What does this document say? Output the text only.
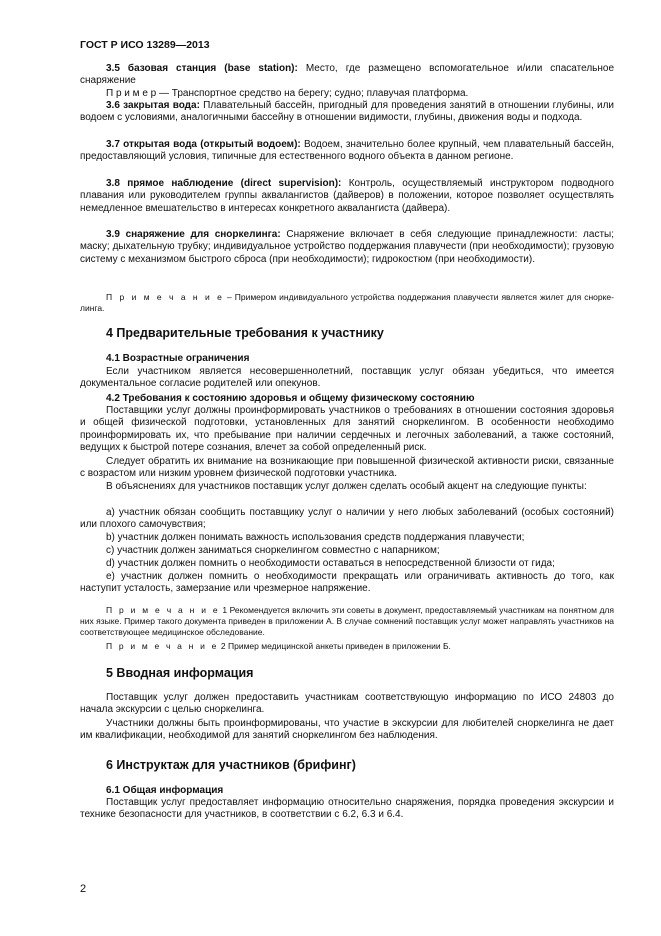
ГОСТ Р ИСО 13289—2013

3.5 базовая станция (base station): Место, где размещено вспомогательное и/или спасательное снаряжение

П р и м е р — Транспортное средство на берегу; судно; плавучая платформа.

3.6 закрытая вода: Плавательный бассейн, пригодный для проведения занятий в отношении глубины, или водоем с условиями, аналогичными бассейну в отношении видимости, глубины, движения воды и подхода.

3.7 открытая вода (открытый водоем): Водоем, значительно более крупный, чем плавательный бассейн, предоставляющий условия, типичные для естественного водного объекта в данном регионе.

3.8 прямое наблюдение (direct supervision): Контроль, осуществляемый инструктором подводного плавания или руководителем группы аквалангистов (дайверов) в положении, которое позволяет осуществлять немедленное вмешательство в интересах конкретного аквалангиста (дайвера).

3.9 снаряжение для сноркелинга: Снаряжение включает в себя следующие принадлежности: ласты; маску; дыхательную трубку; индивидуальное устройство поддержания плавучести (при необходимости); грузовую систему с механизмом быстрого сброса (при необходимости); гидрокостюм (при необходимости).

П р и м е ч а н и е – Примером индивидуального устройства поддержания плавучести является жилет для сноркелинга.

4 Предварительные требования к участнику
4.1 Возрастные ограничения

Если участником является несовершеннолетний, поставщик услуг обязан убедиться, что имеется документальное согласие родителей или опекунов.

4.2 Требования к состоянию здоровья и общему физическому состоянию

Поставщики услуг должны проинформировать участников о требованиях в отношении состояния здоровья и общей физической подготовки, установленных для занятий сноркелингом. В особенности необходимо проинформировать их, что пребывание при наличии сердечных и легочных заболеваний, а также состояний, ведущих к быстрой потере сознания, влечет за собой определенный риск.

Следует обратить их внимание на возникающие при повышенной физической активности риски, связанные с возрастом или низким уровнем физической подготовки участника.

В объяснениях для участников поставщик услуг должен сделать особый акцент на следующие пункты:

a) участник обязан сообщить поставщику услуг о наличии у него любых заболеваний (особых состояний) или плохого самочувствия;

b) участник должен понимать важность использования средств поддержания плавучести;

c) участник должен заниматься сноркелингом совместно с напарником;

d) участник должен помнить о необходимости оставаться в непосредственной близости от гида;

e) участник должен помнить о необходимости прекращать или ограничивать активность до того, как наступит усталость, замерзание или чрезмерное напряжение.

П р и м е ч а н и е 1 Рекомендуется включить эти советы в документ, предоставляемый участникам на понятном для них языке. Пример такого документа приведен в приложении А. В случае сомнений поставщик услуг может направлять участников на соответствующее медицинское обследование.

П р и м е ч а н и е 2 Пример медицинской анкеты приведен в приложении Б.

5 Вводная информация

Поставщик услуг должен предоставить участникам соответствующую информацию по ИСО 24803 до начала экскурсии с целью сноркелинга.

Участники должны быть проинформированы, что участие в экскурсии для любителей сноркелинга не дает им квалификации, необходимой для занятий сноркелингом без наблюдения.

6 Инструктаж для участников (брифинг)
6.1 Общая информация

Поставщик услуг предоставляет информацию относительно снаряжения, порядка проведения экскурсии и технике безопасности для участников, в соответствии с 6.2, 6.3 и 6.4.

2
